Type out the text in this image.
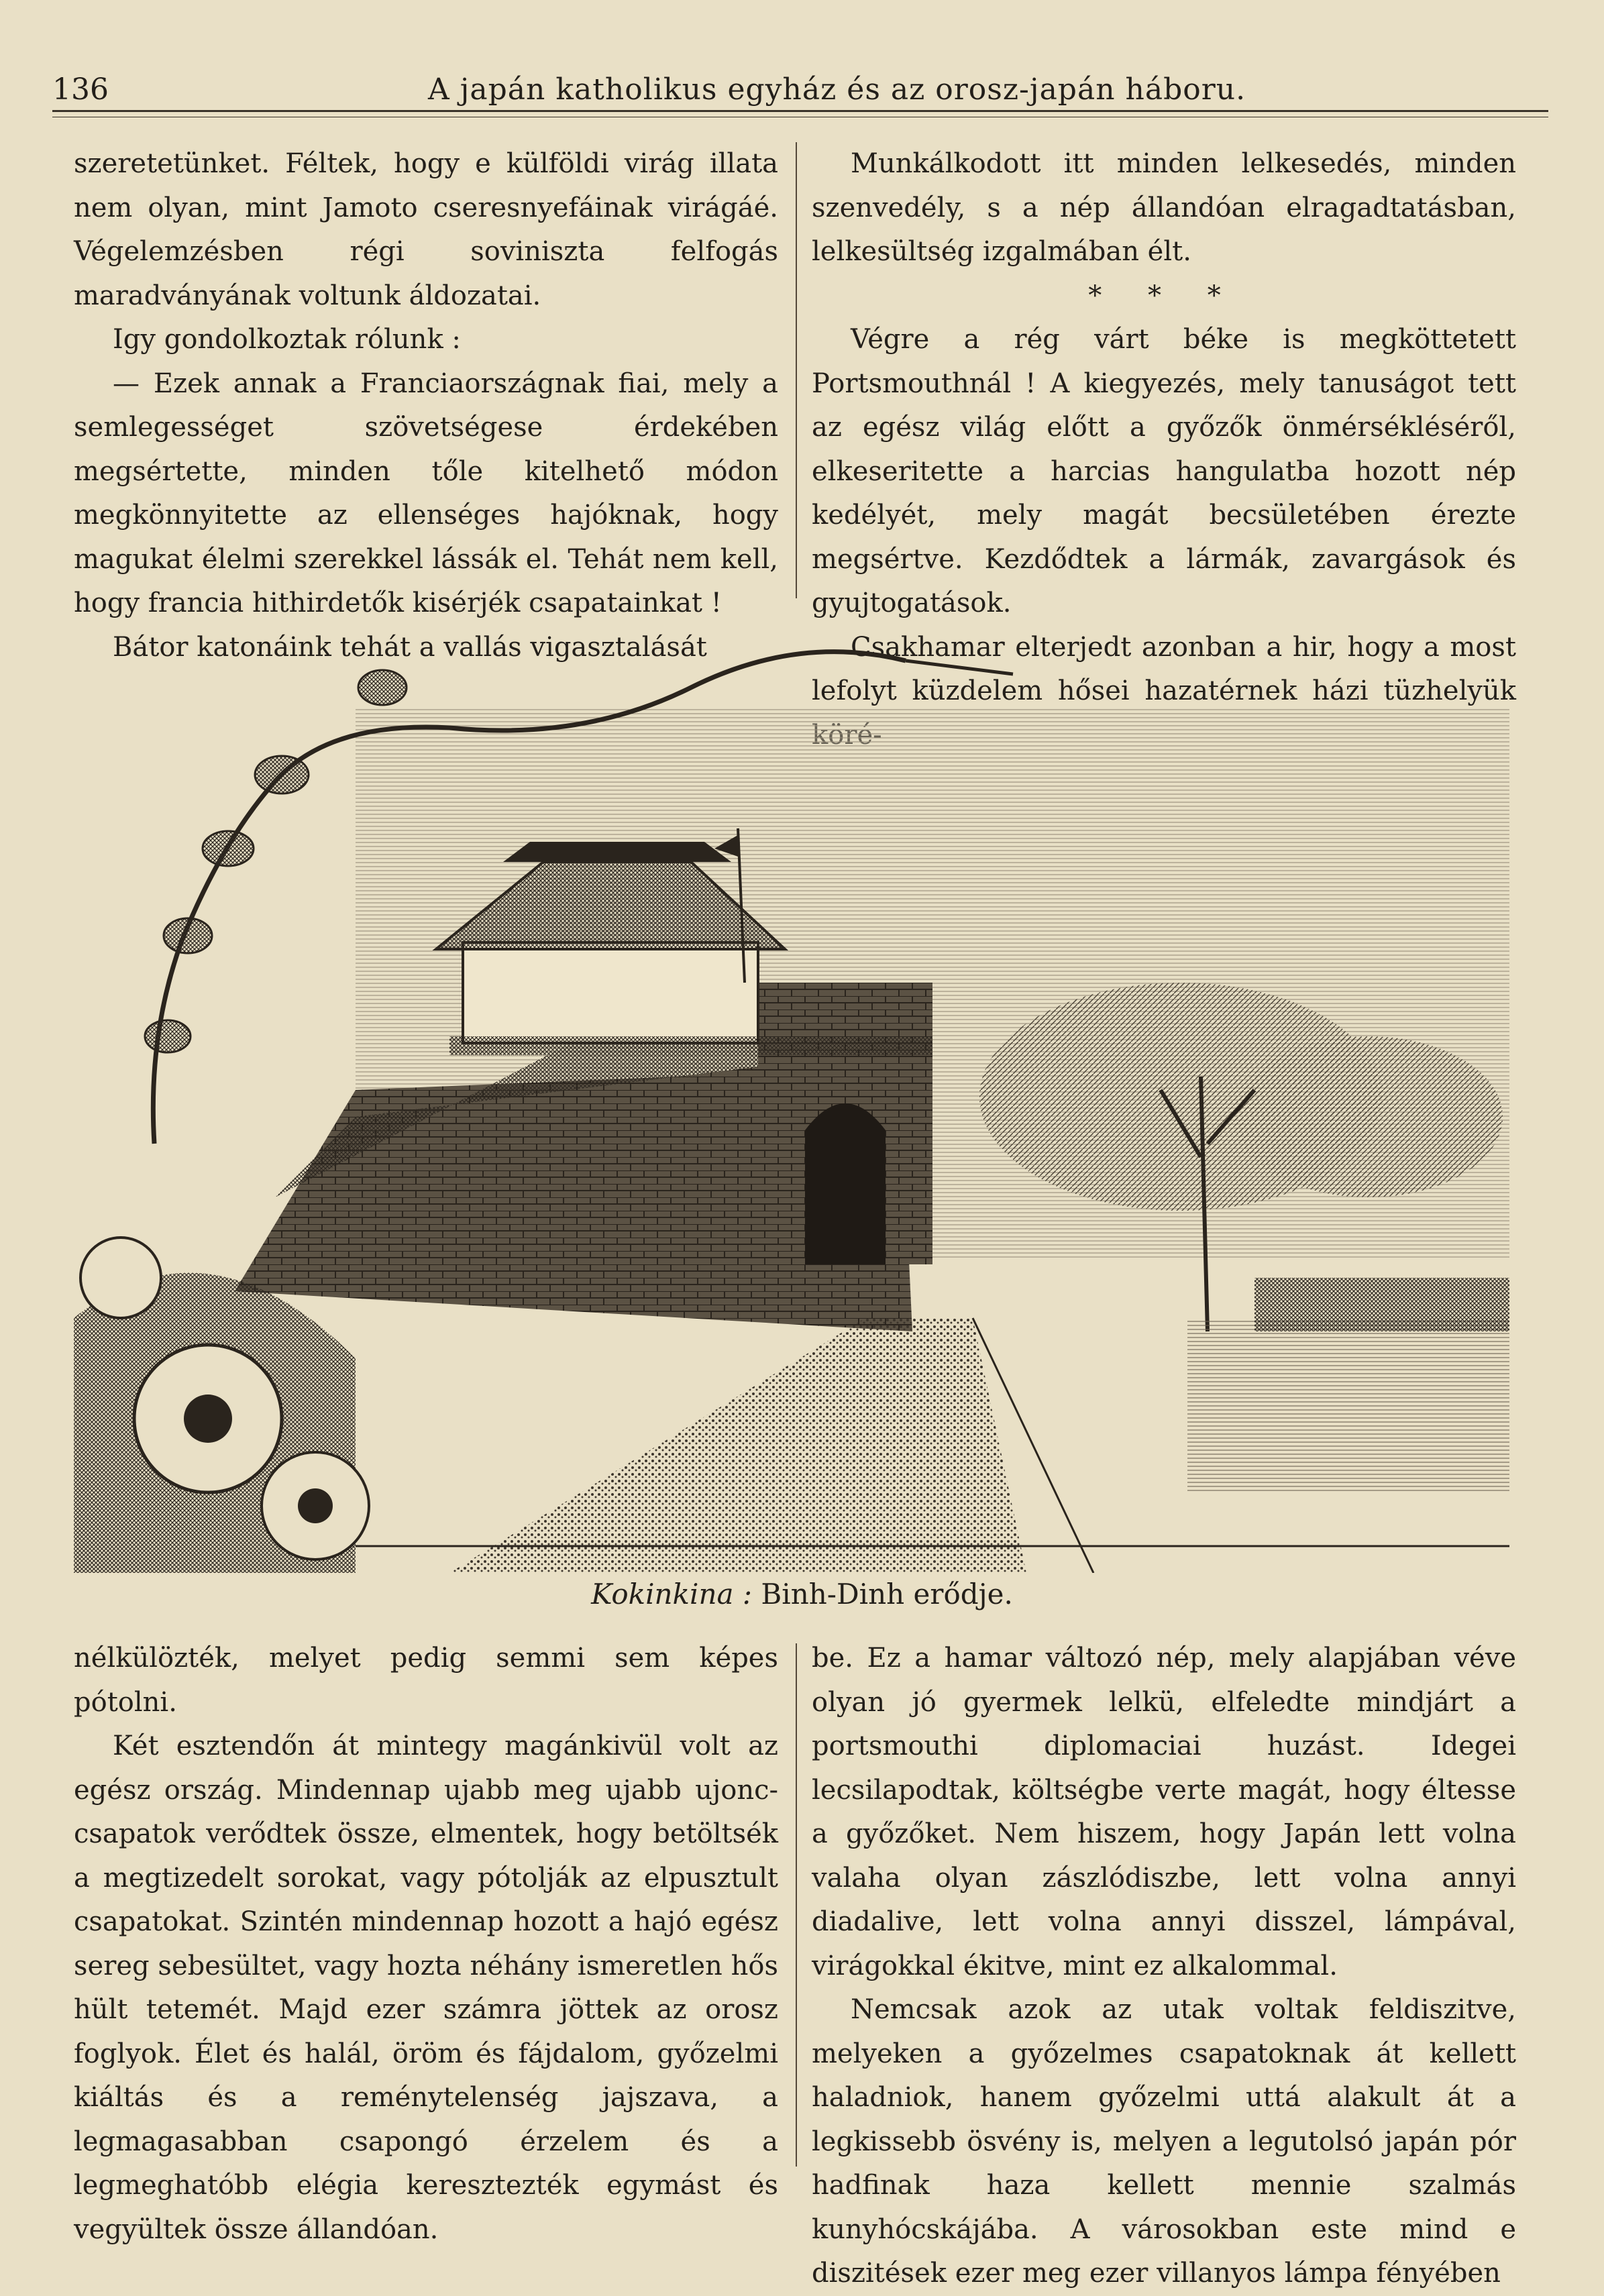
136	A japán katholikus egyház és az orosz-japán háboru.

szeretetünket. Féltek, hogy e külföldi virág illata nem olyan, mint Jamoto cseresnyefáinak virágáé. Végelemzésben régi soviniszta felfogás maradványának voltunk áldozatai.

Igy gondolkoztak rólunk :

— Ezek annak a Franciaországnak fiai, mely a semlegességet szövetségese érdekében megsértette, minden tőle kitelhető módon megkönnyitette az ellenséges hajóknak, hogy magukat élelmi szerekkel lássák el. Tehát nem kell, hogy francia hithirdetők kisérjék csapatainkat !

Bátor katonáink tehát a vallás vigasztalását

Munkálkodott itt minden lelkesedés, minden szenvedély, s a nép állandóan elragadtatásban, lelkesültség izgalmában élt.

* * *

Végre a rég várt béke is megköttetett Portsmouthnál ! A kiegyezés, mely tanuságot tett az egész világ előtt a győzők önmérsékléséről, elkeseritette a harcias hangulatba hozott nép kedélyét, mely magát becsületében érezte megsértve. Kezdődtek a lármák, zavargások és gyujtogatások.

Csakhamar elterjedt azonban a hir, hogy a most lefolyt küzdelem hősei hazatérnek házi tüzhelyük

Kokinkina : Binh-Dinh erődje.

nélkülözték, melyet pedig semmi sem képes pótolni.

Két esztendőn át mintegy magánkivül volt az egész ország. Mindennap ujabb meg ujabb ujonc-csapatok verődtek össze, elmentek, hogy betöltsék a megtizedelt sorokat, vagy pótolják az elpusztult csapatokat. Szintén mindennap hozott a hajó egész sereg sebesültet, vagy hozta néhány ismeretlen hős hült tetemét. Majd ezer számra jöttek az orosz foglyok. Élet és halál, öröm és fájdalom, győzelmi kiáltás és a reménytelenség jajszava, a legmagasabban csapongó érzelem és a legmeghatóbb elégia keresztezték egymást és vegyültek össze állandóan.

be. Ez a hamar változó nép, mely alapjában véve olyan jó gyermek lelkü, elfeledte mindjárt a portsmouthi diplomaciai huzást. Idegei lecsilapodtak, költségbe verte magát, hogy éltesse a győzőket. Nem hiszem, hogy Japán lett volna valaha olyan zászlódiszbe, lett volna annyi diadalive, lett volna annyi disszel, lámpával, virágokkal ékitve, mint ez alkalommal.

Nemcsak azok az utak voltak feldiszitve, melyeken a győzelmes csapatoknak át kellett haladniok, hanem győzelmi uttá alakult át a legkissebb ösvény is, melyen a legutolsó japán pór hadfinak haza kellett mennie szalmás kunyhócskájába. A városokban este mind e diszitések ezer meg ezer villanyos lámpa fényében
